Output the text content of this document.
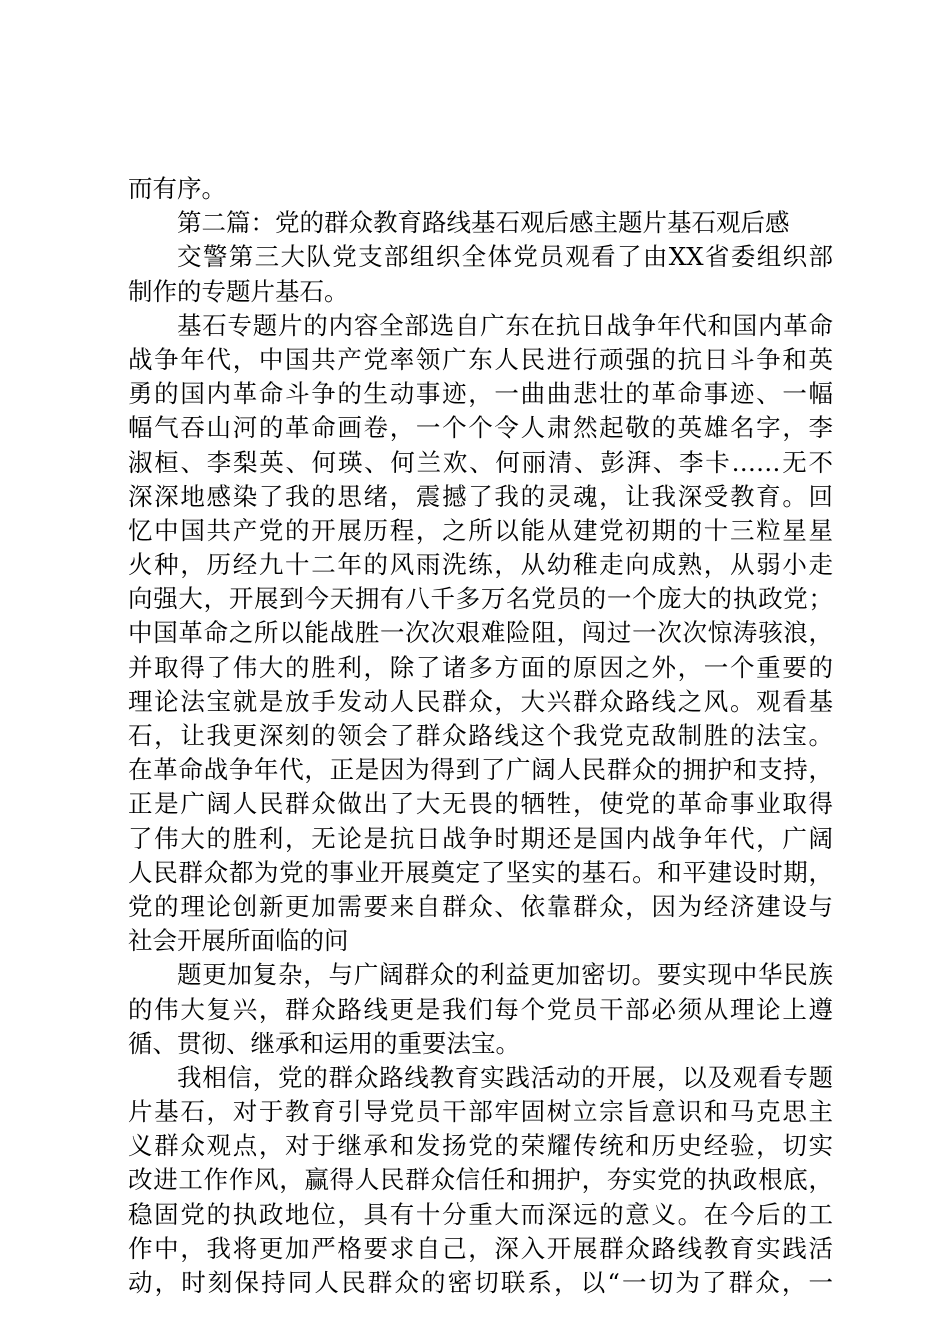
而有序。
第二篇：党的群众教育路线基石观后感主题片基石观后感
交警第三大队党支部组织全体党员观看了由XX省委组织部
制作的专题片基石。
基石专题片的内容全部选自广东在抗日战争年代和国内革命
战争年代，中国共产党率领广东人民进行顽强的抗日斗争和英
勇的国内革命斗争的生动事迹，一曲曲悲壮的革命事迹、一幅
幅气吞山河的革命画卷，一个个令人肃然起敬的英雄名字，李
淑桓、李梨英、何瑛、何兰欢、何丽清、彭湃、李卡……无不
深深地感染了我的思绪，震撼了我的灵魂，让我深受教育。回
忆中国共产党的开展历程，之所以能从建党初期的十三粒星星
火种，历经九十二年的风雨洗练，从幼稚走向成熟，从弱小走
向强大，开展到今天拥有八千多万名党员的一个庞大的执政党；
中国革命之所以能战胜一次次艰难险阻，闯过一次次惊涛骇浪，
并取得了伟大的胜利，除了诸多方面的原因之外，一个重要的
理论法宝就是放手发动人民群众，大兴群众路线之风。观看基
石，让我更深刻的领会了群众路线这个我党克敌制胜的法宝。
在革命战争年代，正是因为得到了广阔人民群众的拥护和支持，
正是广阔人民群众做出了大无畏的牺牲，使党的革命事业取得
了伟大的胜利，无论是抗日战争时期还是国内战争年代，广阔
人民群众都为党的事业开展奠定了坚实的基石。和平建设时期，
党的理论创新更加需要来自群众、依靠群众，因为经济建设与
社会开展所面临的问
题更加复杂，与广阔群众的利益更加密切。要实现中华民族
的伟大复兴，群众路线更是我们每个党员干部必须从理论上遵
循、贯彻、继承和运用的重要法宝。
我相信，党的群众路线教育实践活动的开展，以及观看专题
片基石，对于教育引导党员干部牢固树立宗旨意识和马克思主
义群众观点，对于继承和发扬党的荣耀传统和历史经验，切实
改进工作作风，赢得人民群众信任和拥护，夯实党的执政根底，
稳固党的执政地位，具有十分重大而深远的意义。在今后的工
作中，我将更加严格要求自己，深入开展群众路线教育实践活
动，时刻保持同人民群众的密切联系，以“一切为了群众，一
